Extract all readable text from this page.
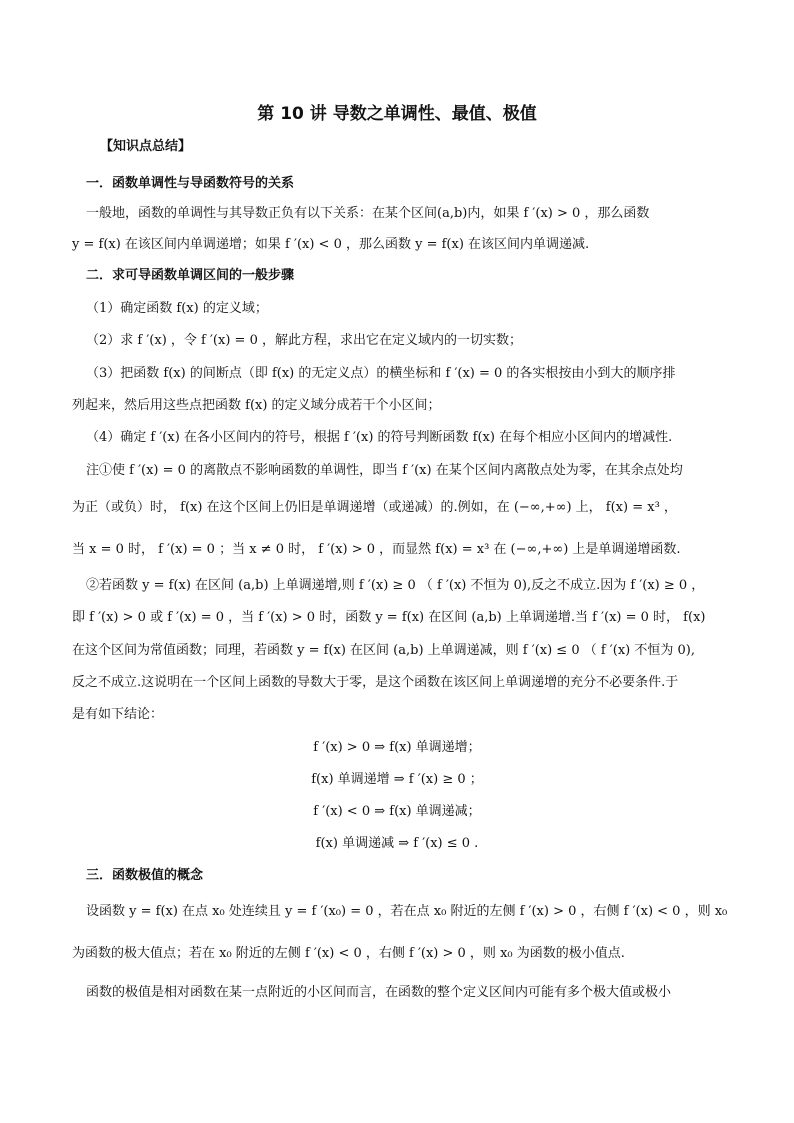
第 10 讲 导数之单调性、最值、极值
【知识点总结】
一．函数单调性与导函数符号的关系
一般地，函数的单调性与其导数正负有以下关系：在某个区间(a,b)内，如果 f ′(x) > 0 ，那么函数
y = f(x) 在该区间内单调递增；如果 f ′(x) < 0 ，那么函数 y = f(x) 在该区间内单调递减.
二．求可导函数单调区间的一般步骤
（1）确定函数 f(x) 的定义域；
（2）求 f ′(x) ，令 f ′(x) = 0 ，解此方程，求出它在定义域内的一切实数；
（3）把函数 f(x) 的间断点（即 f(x) 的无定义点）的横坐标和 f ′(x) = 0 的各实根按由小到大的顺序排
列起来，然后用这些点把函数 f(x) 的定义域分成若干个小区间；
（4）确定 f ′(x) 在各小区间内的符号，根据 f ′(x) 的符号判断函数 f(x) 在每个相应小区间内的增减性.
注①使 f ′(x) = 0 的离散点不影响函数的单调性，即当 f ′(x) 在某个区间内离散点处为零，在其余点处均
为正（或负）时， f(x) 在这个区间上仍旧是单调递增（或递减）的.例如，在 (−∞,+∞) 上， f(x) = x³ ，
当 x = 0 时， f ′(x) = 0 ；当 x ≠ 0 时， f ′(x) > 0 ，而显然 f(x) = x³ 在 (−∞,+∞) 上是单调递增函数.
②若函数 y = f(x) 在区间 (a,b) 上单调递增,则 f ′(x) ≥ 0 （ f ′(x) 不恒为 0),反之不成立.因为 f ′(x) ≥ 0 ，
即 f ′(x) > 0 或 f ′(x) = 0 ，当 f ′(x) > 0 时，函数 y = f(x) 在区间 (a,b) 上单调递增.当 f ′(x) = 0 时， f(x)
在这个区间为常值函数；同理，若函数 y = f(x) 在区间 (a,b) 上单调递减，则 f ′(x) ≤ 0 （ f ′(x) 不恒为 0),
反之不成立.这说明在一个区间上函数的导数大于零，是这个函数在该区间上单调递增的充分不必要条件.于
是有如下结论：
f ′(x) > 0 ⇒ f(x) 单调递增；
f(x) 单调递增 ⇒ f ′(x) ≥ 0 ；
f ′(x) < 0 ⇒ f(x) 单调递减；
f(x) 单调递减 ⇒ f ′(x) ≤ 0 .
三．函数极值的概念
设函数 y = f(x) 在点 x₀ 处连续且 y = f ′(x₀) = 0 ，若在点 x₀ 附近的左侧 f ′(x) > 0 ，右侧 f ′(x) < 0 ，则 x₀
为函数的极大值点；若在 x₀ 附近的左侧 f ′(x) < 0 ，右侧 f ′(x) > 0 ，则 x₀ 为函数的极小值点.
函数的极值是相对函数在某一点附近的小区间而言，在函数的整个定义区间内可能有多个极大值或极小
